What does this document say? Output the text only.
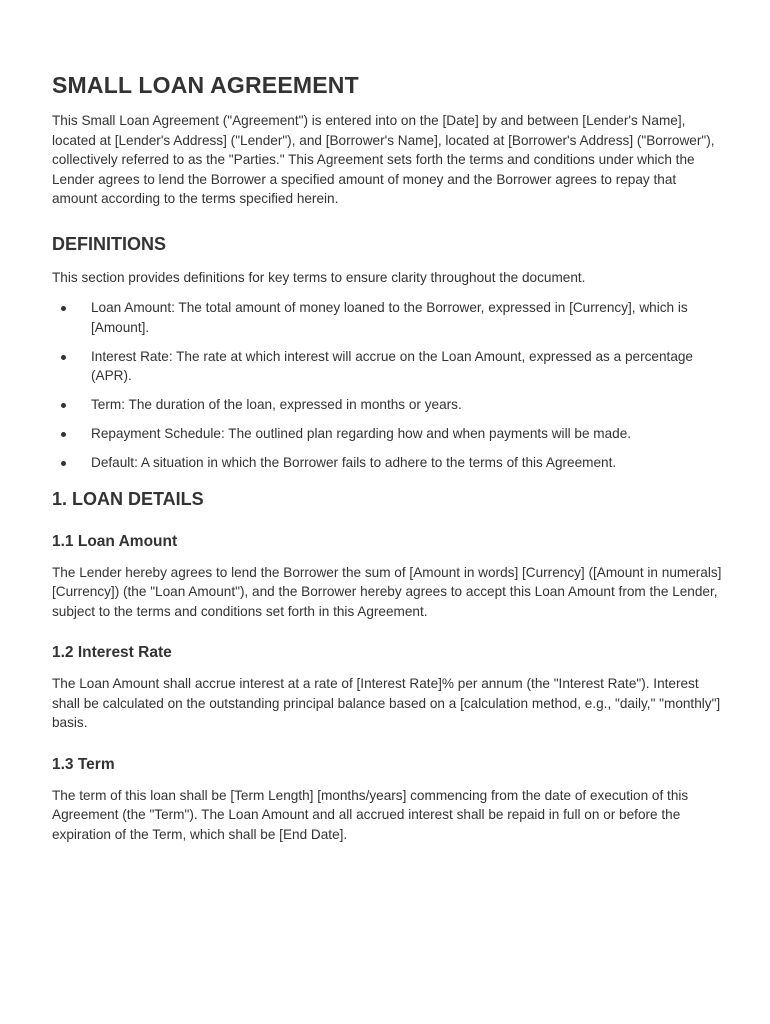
SMALL LOAN AGREEMENT

This Small Loan Agreement ("Agreement") is entered into on the [Date] by and between [Lender's Name], located at [Lender's Address] ("Lender"), and [Borrower's Name], located at [Borrower's Address] ("Borrower"), collectively referred to as the "Parties." This Agreement sets forth the terms and conditions under which the Lender agrees to lend the Borrower a specified amount of money and the Borrower agrees to repay that amount according to the terms specified herein.

DEFINITIONS

This section provides definitions for key terms to ensure clarity throughout the document.

Loan Amount: The total amount of money loaned to the Borrower, expressed in [Currency], which is [Amount].
Interest Rate: The rate at which interest will accrue on the Loan Amount, expressed as a percentage (APR).
Term: The duration of the loan, expressed in months or years.
Repayment Schedule: The outlined plan regarding how and when payments will be made.
Default: A situation in which the Borrower fails to adhere to the terms of this Agreement.
1. LOAN DETAILS
1.1 Loan Amount

The Lender hereby agrees to lend the Borrower the sum of [Amount in words] [Currency] ([Amount in numerals] [Currency]) (the "Loan Amount"), and the Borrower hereby agrees to accept this Loan Amount from the Lender, subject to the terms and conditions set forth in this Agreement.

1.2 Interest Rate

The Loan Amount shall accrue interest at a rate of [Interest Rate]% per annum (the "Interest Rate"). Interest shall be calculated on the outstanding principal balance based on a [calculation method, e.g., "daily," "monthly"] basis.

1.3 Term

The term of this loan shall be [Term Length] [months/years] commencing from the date of execution of this Agreement (the "Term"). The Loan Amount and all accrued interest shall be repaid in full on or before the expiration of the Term, which shall be [End Date].
